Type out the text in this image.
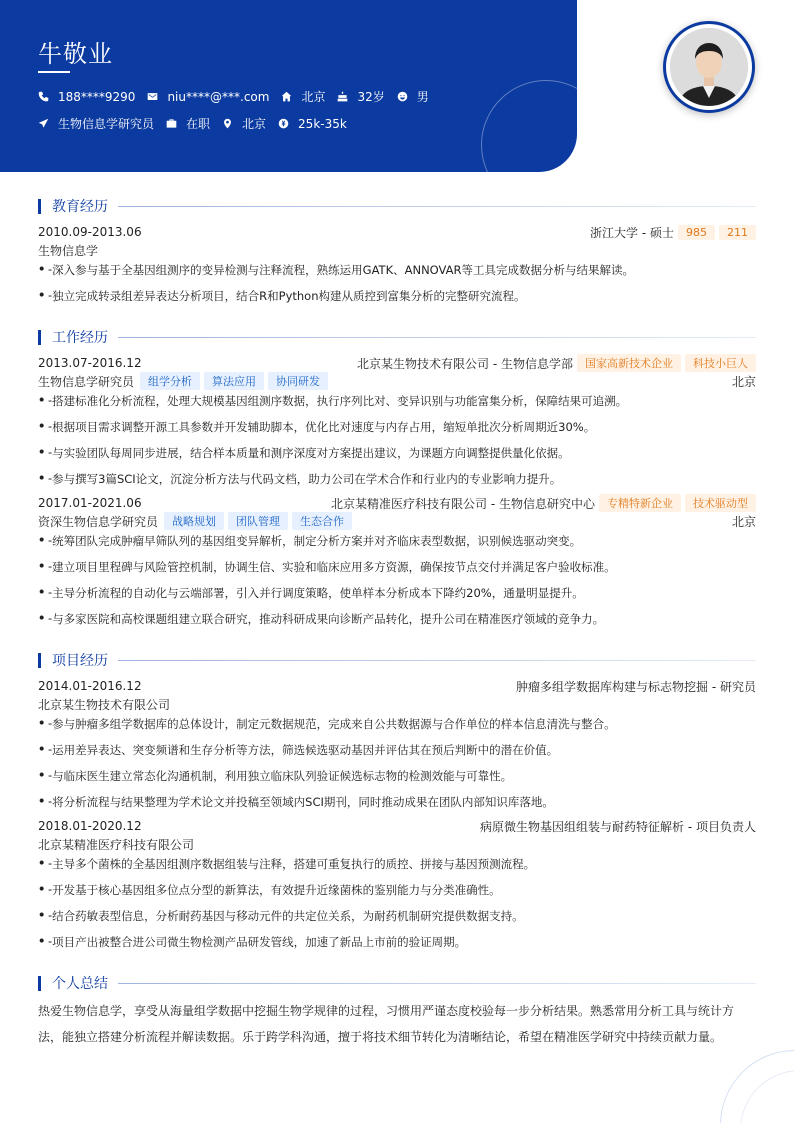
牛敬业
188****9290	niu****@***.com	北京	32岁	男
生物信息学研究员	在职	北京	25k-35k
教育经历
2010.09-2013.06	浙江大学 - 硕士	985	211
生物信息学
• - 深入参与基于全基因组测序的变异检测与注释流程，熟练运用GATK、ANNOVAR等工具完成数据分析与结果解读。
• - 独立完成转录组差异表达分析项目，结合R和Python构建从质控到富集分析的完整研究流程。
工作经历
2013.07-2016.12	北京某生物技术有限公司 - 生物信息学部	国家高新技术企业	科技小巨人
生物信息学研究员	组学分析	算法应用	协同研发	北京
• - 搭建标准化分析流程，处理大规模基因组测序数据，执行序列比对、变异识别与功能富集分析，保障结果可追溯。
• - 根据项目需求调整开源工具参数并开发辅助脚本，优化比对速度与内存占用，缩短单批次分析周期近30%。
• - 与实验团队每周同步进展，结合样本质量和测序深度对方案提出建议，为课题方向调整提供量化依据。
• - 参与撰写3篇SCI论文，沉淀分析方法与代码文档，助力公司在学术合作和行业内的专业影响力提升。
2017.01-2021.06	北京某精准医疗科技有限公司 - 生物信息研究中心	专精特新企业	技术驱动型
资深生物信息学研究员	战略规划	团队管理	生态合作	北京
• - 统筹团队完成肿瘤早筛队列的基因组变异解析，制定分析方案并对齐临床表型数据，识别候选驱动突变。
• - 建立项目里程碑与风险管控机制，协调生信、实验和临床应用多方资源，确保按节点交付并满足客户验收标准。
• - 主导分析流程的自动化与云端部署，引入并行调度策略，使单样本分析成本下降约20%，通量明显提升。
• - 与多家医院和高校课题组建立联合研究，推动科研成果向诊断产品转化，提升公司在精准医疗领域的竞争力。
项目经历
2014.01-2016.12	肿瘤多组学数据库构建与标志物挖掘 - 研究员
北京某生物技术有限公司
• - 参与肿瘤多组学数据库的总体设计，制定元数据规范，完成来自公共数据源与合作单位的样本信息清洗与整合。
• - 运用差异表达、突变频谱和生存分析等方法，筛选候选驱动基因并评估其在预后判断中的潜在价值。
• - 与临床医生建立常态化沟通机制，利用独立临床队列验证候选标志物的检测效能与可靠性。
• - 将分析流程与结果整理为学术论文并投稿至领域内SCI期刊，同时推动成果在团队内部知识库落地。
2018.01-2020.12	病原微生物基因组组装与耐药特征解析 - 项目负责人
北京某精准医疗科技有限公司
• - 主导多个菌株的全基因组测序数据组装与注释，搭建可重复执行的质控、拼接与基因预测流程。
• - 开发基于核心基因组多位点分型的新算法，有效提升近缘菌株的鉴别能力与分类准确性。
• - 结合药敏表型信息，分析耐药基因与移动元件的共定位关系，为耐药机制研究提供数据支持。
• - 项目产出被整合进公司微生物检测产品研发管线，加速了新品上市前的验证周期。
个人总结
热爱生物信息学，享受从海量组学数据中挖掘生物学规律的过程，习惯用严谨态度校验每一步分析结果。熟悉常用分析工具与统计方
法，能独立搭建分析流程并解读数据。乐于跨学科沟通，擅于将技术细节转化为清晰结论，希望在精准医学研究中持续贡献力量。
